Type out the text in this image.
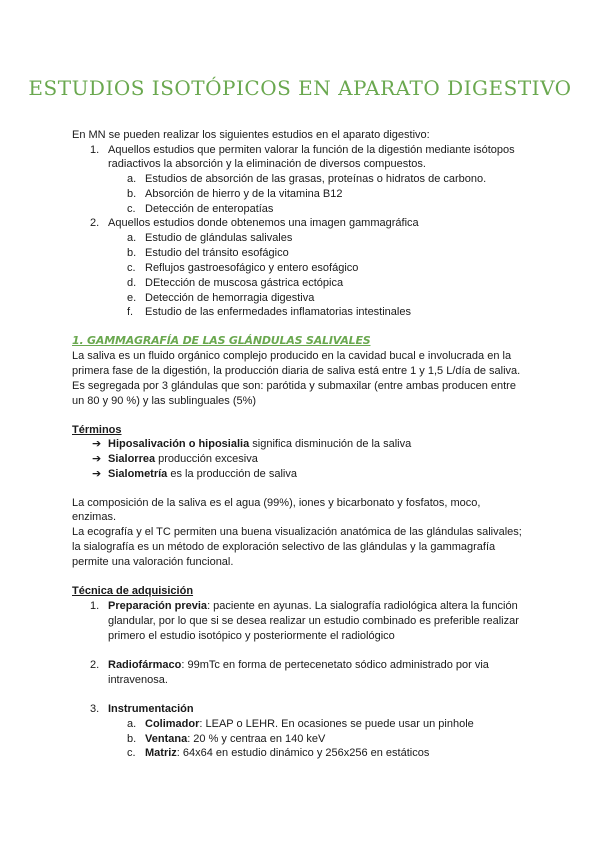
ESTUDIOS ISOTÓPICOS EN APARATO DIGESTIVO
En MN se pueden realizar los siguientes estudios en el aparato digestivo:
1. Aquellos estudios que permiten valorar la función de la digestión mediante isótopos
radiactivos la absorción y la eliminación de diversos compuestos.
a. Estudios de absorción de las grasas, proteínas o hidratos de carbono.
b. Absorción de hierro y de la vitamina B12
c. Detección de enteropatías
2. Aquellos estudios donde obtenemos una imagen gammagráfica
a. Estudio de glándulas salivales
b. Estudio del tránsito esofágico
c. Reflujos gastroesofágico y entero esofágico
d. DEtección de muscosa gástrica ectópica
e. Detección de hemorragia digestiva
f. Estudio de las enfermedades inflamatorias intestinales
1. GAMMAGRAFÍA DE LAS GLÁNDULAS SALIVALES
La saliva es un fluido orgánico complejo producido en la cavidad bucal e involucrada en la
primera fase de la digestión, la producción diaria de saliva está entre 1 y 1,5 L/día de saliva.
Es segregada por 3 glándulas que son: parótida y submaxilar (entre ambas producen entre
un 80 y 90 %) y las sublinguales (5%)
Términos
➔ Hiposalivación o hiposialia significa disminución de la saliva
➔ Sialorrea producción excesiva
➔ Sialometría es la producción de saliva
La composición de la saliva es el agua (99%), iones y bicarbonato y fosfatos, moco,
enzimas.
La ecografía y el TC permiten una buena visualización anatómica de las glándulas salivales;
la sialografía es un método de exploración selectivo de las glándulas y la gammagrafía
permite una valoración funcional.
Técnica de adquisición
1. Preparación previa: paciente en ayunas. La sialografía radiológica altera la función
glandular, por lo que si se desea realizar un estudio combinado es preferible realizar
primero el estudio isotópico y posteriormente el radiológico
2. Radiofármaco: 99mTc en forma de pertecenetato sódico administrado por via
intravenosa.
3. Instrumentación
a. Colimador: LEAP o LEHR. En ocasiones se puede usar un pinhole
b. Ventana: 20 % y centraa en 140 keV
c. Matriz: 64x64 en estudio dinámico y 256x256 en estáticos
